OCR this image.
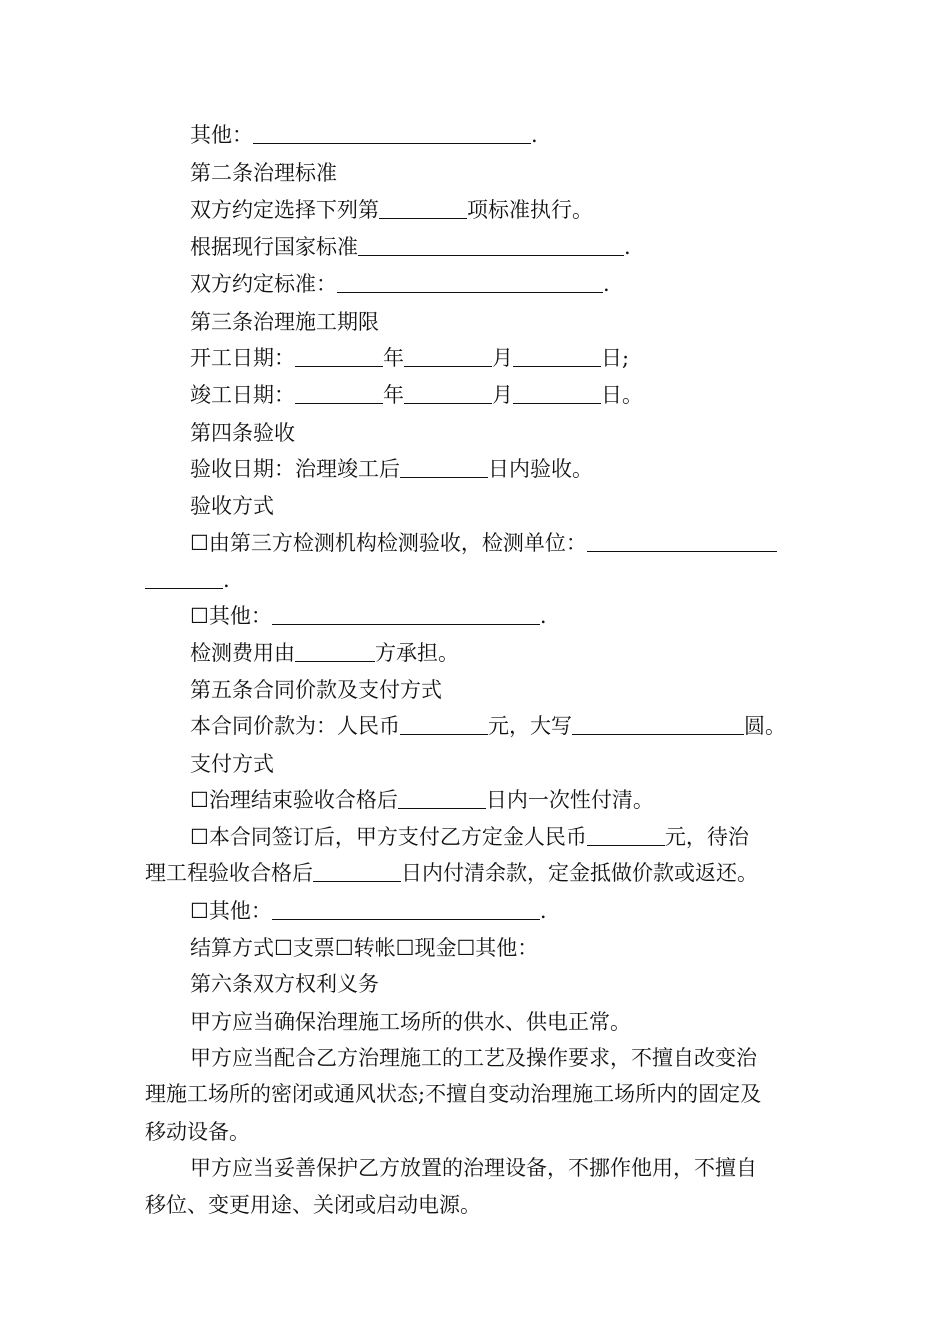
其他：	.
第二条治理标准
双方约定选择下列第	项标准执行。
根据现行国家标准	.
双方约定标准：	.
第三条治理施工期限
开工日期：	年	月	日;
竣工日期：	年	月	日。
第四条验收
验收日期：治理竣工后	日内验收。
验收方式
☐由第三方检测机构检测验收，检测单位：
.
☐其他：	.
检测费用由	方承担。
第五条合同价款及支付方式
本合同价款为：人民币	元，大写	圆。
支付方式
☐治理结束验收合格后	日内一次性付清。
☐本合同签订后，甲方支付乙方定金人民币	元，待治
理工程验收合格后	日内付清余款，定金抵做价款或返还。
☐其他：	.
结算方式☐支票☐转帐☐现金☐其他：
第六条双方权利义务
甲方应当确保治理施工场所的供水、供电正常。
甲方应当配合乙方治理施工的工艺及操作要求，不擅自改变治
理施工场所的密闭或通风状态;不擅自变动治理施工场所内的固定及
移动设备。
甲方应当妥善保护乙方放置的治理设备，不挪作他用，不擅自
移位、变更用途、关闭或启动电源。
